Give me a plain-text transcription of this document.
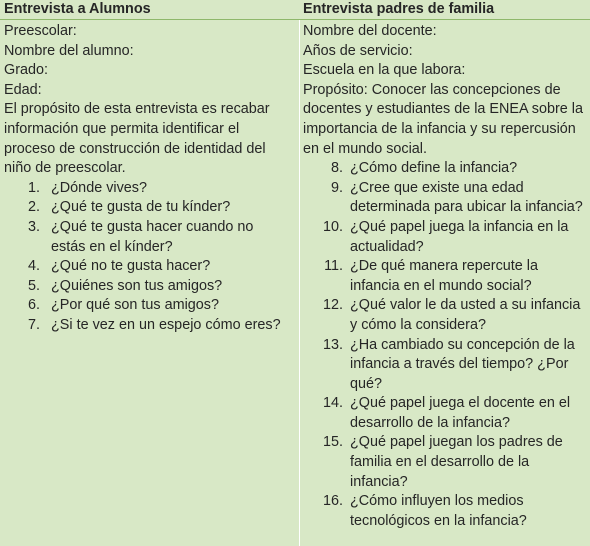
Entrevista a Alumnos
Preescolar:
Nombre del alumno:
Grado:
Edad:
El propósito de esta entrevista es recabar información que permita identificar el proceso de construcción de identidad del niño de preescolar.
1. ¿Dónde vives?
2. ¿Qué te gusta de tu kínder?
3. ¿Qué te gusta hacer cuando no estás en el kínder?
4. ¿Qué no te gusta hacer?
5. ¿Quiénes son tus amigos?
6. ¿Por qué son tus amigos?
7. ¿Si te vez en un espejo cómo eres?
Entrevista padres de familia
Nombre del docente:
Años de servicio:
Escuela en la que labora:
Propósito: Conocer las concepciones de docentes y estudiantes de la ENEA sobre la importancia de la infancia y su repercusión en el mundo social.
8. ¿Cómo define la infancia?
9. ¿Cree que existe una edad determinada para ubicar la infancia?
10. ¿Qué papel juega la infancia en la actualidad?
11. ¿De qué manera repercute la infancia en el mundo social?
12. ¿Qué valor le da usted a su infancia y cómo la considera?
13. ¿Ha cambiado su concepción de la infancia a través del tiempo? ¿Por qué?
14. ¿Qué papel juega el docente en el desarrollo de la infancia?
15. ¿Qué papel juegan los padres de familia en el desarrollo de la infancia?
16. ¿Cómo influyen los medios tecnológicos en la infancia?
